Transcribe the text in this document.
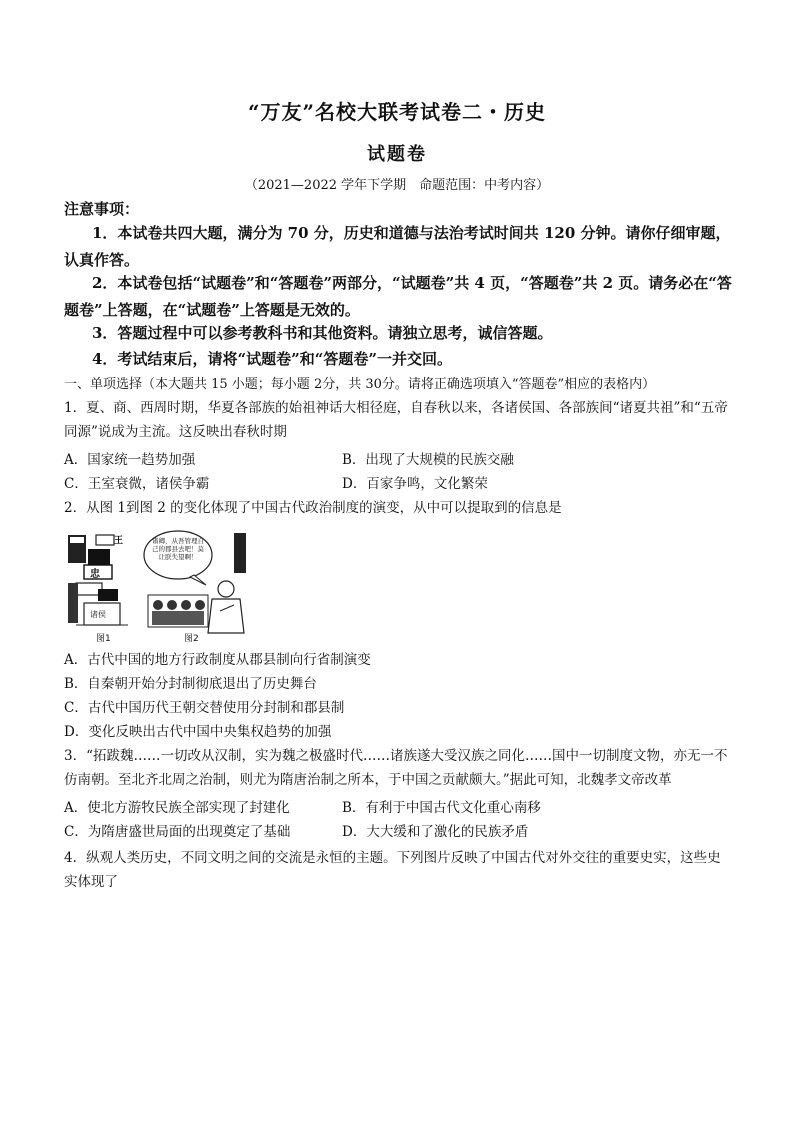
“万友”名校大联考试卷二・历史
试题卷
（2021—2022 学年下学期　命题范围：中考内容）
注意事项：
1．本试卷共四大题，满分为 70 分，历史和道德与法治考试时间共 120 分钟。请你仔细审题，认真作答。
2．本试卷包括“试题卷”和“答题卷”两部分，“试题卷”共 4 页，“答题卷”共 2 页。请务必在“答题卷”上答题，在“试题卷”上答题是无效的。
3．答题过程中可以参考教科书和其他资料。请独立思考，诚信答题。
4．考试结束后，请将“试题卷”和“答题卷”一并交回。
一、单项选择（本大题共 15 小题；每小题 2分，共 30分。请将正确选项填入“答题卷”相应的表格内）
1．夏、商、西周时期，华夏各部族的始祖神话大相径庭，自春秋以来，各诸侯国、各部族间“诸夏共祖”和“五帝同源”说成为主流。这反映出春秋时期
A．国家统一趋势加强	B．出现了大规模的民族交融
C．王室衰微，诸侯争霸	D．百家争鸣，文化繁荣
2．从图 1到图 2 的变化体现了中国古代政治制度的演变，从中可以提取到的信息是
王
忠
诸侯
诸卿，从吾管理自己的郡县去吧！莫让朕失望啊！
图1	图2
A．古代中国的地方行政制度从郡县制向行省制演变
B．自秦朝开始分封制彻底退出了历史舞台
C．古代中国历代王朝交替使用分封制和郡县制
D．变化反映出古代中国中央集权趋势的加强
3．“拓跋魏……一切改从汉制，实为魏之极盛时代……诸族遂大受汉族之同化……国中一切制度文物，亦无一不仿南朝。至北齐北周之治制，则尤为隋唐治制之所本，于中国之贡献颇大。”据此可知，北魏孝文帝改革
A．使北方游牧民族全部实现了封建化	B．有利于中国古代文化重心南移
C．为隋唐盛世局面的出现奠定了基础	D．大大缓和了激化的民族矛盾
4．纵观人类历史，不同文明之间的交流是永恒的主题。下列图片反映了中国古代对外交往的重要史实，这些史实体现了
